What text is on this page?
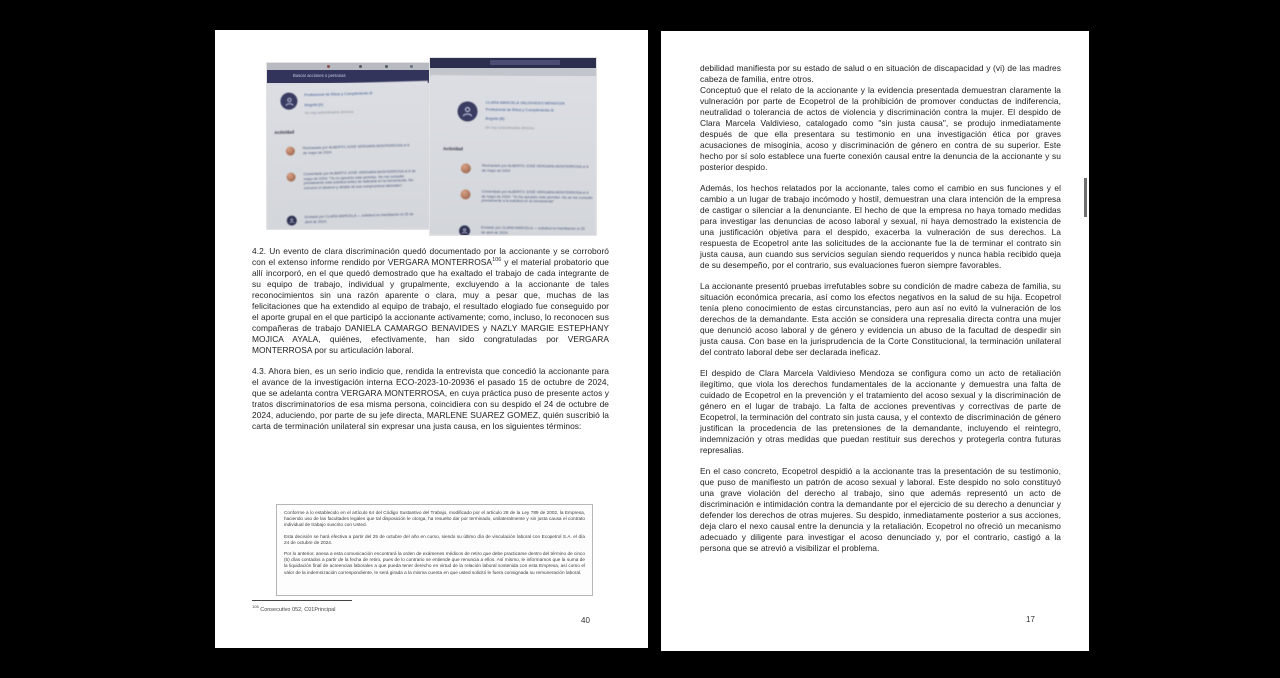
Buscar acciones o personas
Profesional de Ética y Cumplimiento B
Bogotá (b)
No hay subordinados directos
Actividad
Rechazado por ALBERTO JOSÉ VERGARA MONTERROSA el 6 de mayo de 2024
Comentado por ALBERTO JOSÉ VERGARA MONTERROSA el 6 de mayo de 2024: "Yo no apruebo este permiso. No me consultó previamente esta solicitud antes de radicarla en la herramienta. No conozco el alcance y detalle de sus compromisos laborales".
Enviado por CLARA MARCELA — solicitud en tramitación el 25 de abril de 2024.
CLARA MARCELA VALDIVIESO MENDOZA
Profesional de Ética y Cumplimiento B
Bogotá (B)
No hay subordinados directos
Actividad
Rechazado por ALBERTO JOSÉ VERGARA MONTERROSA el 6 de mayo de 2024
Comentado por ALBERTO JOSÉ VERGARA MONTERROSA el 6 de mayo de 2024: "Yo No apruebo este permiso. No se me consultó previamente a la solicitud en la herramienta"
Enviado por CLARA MARCELA — solicitud en tramitación el 25 de abril de 2024.

4.2. Un evento de clara discriminación quedó documentado por la accionante y se corroboró con el extenso informe rendido por VERGARA MONTERROSA$^{106}$ y el material probatorio que allí incorporó, en el que quedó demostrado que ha exaltado el trabajo de cada integrante de su equipo de trabajo, individual y grupalmente, excluyendo a la accionante de tales reconocimientos sin una razón aparente o clara, muy a pesar que, muchas de las felicitaciones que ha extendido al equipo de trabajo, el resultado elogiado fue conseguido por el aporte grupal en el que participó la accionante activamente; como, incluso, lo reconocen sus compañeras de trabajo DANIELA CAMARGO BENAVIDES y NAZLY MARGIE ESTEPHANY MOJICA AYALA, quiénes, efectivamente, han sido congratuladas por VERGARA MONTERROSA por su articulación laboral.

4.3. Ahora bien, es un serio indicio que, rendida la entrevista que concedió la accionante para el avance de la investigación interna ECO-2023-10-20936 el pasado 15 de octubre de 2024, que se adelanta contra VERGARA MONTERROSA, en cuya práctica puso de presente actos y tratos discriminatorios de esa misma persona, coincidiera con su despido el 24 de octubre de 2024, aduciendo, por parte de su jefe directa, MARLENE SUAREZ GOMEZ, quién suscribió la carta de terminación unilateral sin expresar una justa causa, en los siguientes términos:

Conforme a lo establecido en el artículo 64 del Código Sustantivo del Trabajo, modificado por el artículo 28 de la Ley 789 de 2002, la Empresa, haciendo uso de las facultades legales que tal disposición le otorga, ha resuelto dar por terminado, unilateralmente y sin justa causa el contrato individual de trabajo suscrito con Usted.

Esta decisión se hará efectiva a partir del 25 de octubre del año en curso, siendo su último día de vinculación laboral con Ecopetrol S.A. el día 24 de octubre de 2024.

Por lo anterior, anexa a esta comunicación encontrará la orden de exámenes médicos de retiro que debe practicarse dentro del término de cinco (5) días contados a partir de la fecha de retiro, pues de lo contrario se entiende que renuncia a ellos. Así mismo, le informamos que la suma de la liquidación final de acreencias laborales a que pueda tener derecho en virtud de la relación laboral sostenida con esta Empresa, así como el valor de la indemnización correspondiente, le será girada a la misma cuenta en que usted solicitó le fuera consignada su remuneración laboral.

$^{106}$ Consecutivo 052, C01Principal
40

debilidad manifiesta por su estado de salud o en situación de discapacidad y (vi) de las madres cabeza de familia, entre otros.

Conceptuó que el relato de la accionante y la evidencia presentada demuestran claramente la vulneración por parte de Ecopetrol de la prohibición de promover conductas de indiferencia, neutralidad o tolerancia de actos de violencia y discriminación contra la mujer. El despido de Clara Marcela Valdivieso, catalogado como "sin justa causa", se produjo inmediatamente después de que ella presentara su testimonio en una investigación ética por graves acusaciones de misoginia, acoso y discriminación de género en contra de su superior. Este hecho por sí solo establece una fuerte conexión causal entre la denuncia de la accionante y su posterior despido.

Además, los hechos relatados por la accionante, tales como el cambio en sus funciones y el cambio a un lugar de trabajo incómodo y hostil, demuestran una clara intención de la empresa de castigar o silenciar a la denunciante. El hecho de que la empresa no haya tomado medidas para investigar las denuncias de acoso laboral y sexual, ni haya demostrado la existencia de una justificación objetiva para el despido, exacerba la vulneración de sus derechos. La respuesta de Ecopetrol ante las solicitudes de la accionante fue la de terminar el contrato sin justa causa, aun cuando sus servicios seguían siendo requeridos y nunca había recibido queja de su desempeño, por el contrario, sus evaluaciones fueron siempre favorables.

La accionante presentó pruebas irrefutables sobre su condición de madre cabeza de familia, su situación económica precaria, así como los efectos negativos en la salud de su hija. Ecopetrol tenía pleno conocimiento de estas circunstancias, pero aun así no evitó la vulneración de los derechos de la demandante. Esta acción se considera una represalia directa contra una mujer que denunció acoso laboral y de género y evidencia un abuso de la facultad de despedir sin justa causa. Con base en la jurisprudencia de la Corte Constitucional, la terminación unilateral del contrato laboral debe ser declarada ineficaz.

El despido de Clara Marcela Valdivieso Mendoza se configura como un acto de retaliación ilegítimo, que viola los derechos fundamentales de la accionante y demuestra una falta de cuidado de Ecopetrol en la prevención y el tratamiento del acoso sexual y la discriminación de género en el lugar de trabajo. La falta de acciones preventivas y correctivas de parte de Ecopetrol, la terminación del contrato sin justa causa, y el contexto de discriminación de género justifican la procedencia de las pretensiones de la demandante, incluyendo el reintegro, indemnización y otras medidas que puedan restituir sus derechos y protegerla contra futuras represalias.

En el caso concreto, Ecopetrol despidió a la accionante tras la presentación de su testimonio, que puso de manifiesto un patrón de acoso sexual y laboral. Este despido no solo constituyó una grave violación del derecho al trabajo, sino que además representó un acto de discriminación e intimidación contra la demandante por el ejercicio de su derecho a denunciar y defender los derechos de otras mujeres. Su despido, inmediatamente posterior a sus acciones, deja claro el nexo causal entre la denuncia y la retaliación. Ecopetrol no ofreció un mecanismo adecuado y diligente para investigar el acoso denunciado y, por el contrario, castigó a la persona que se atrevió a visibilizar el problema.

17
